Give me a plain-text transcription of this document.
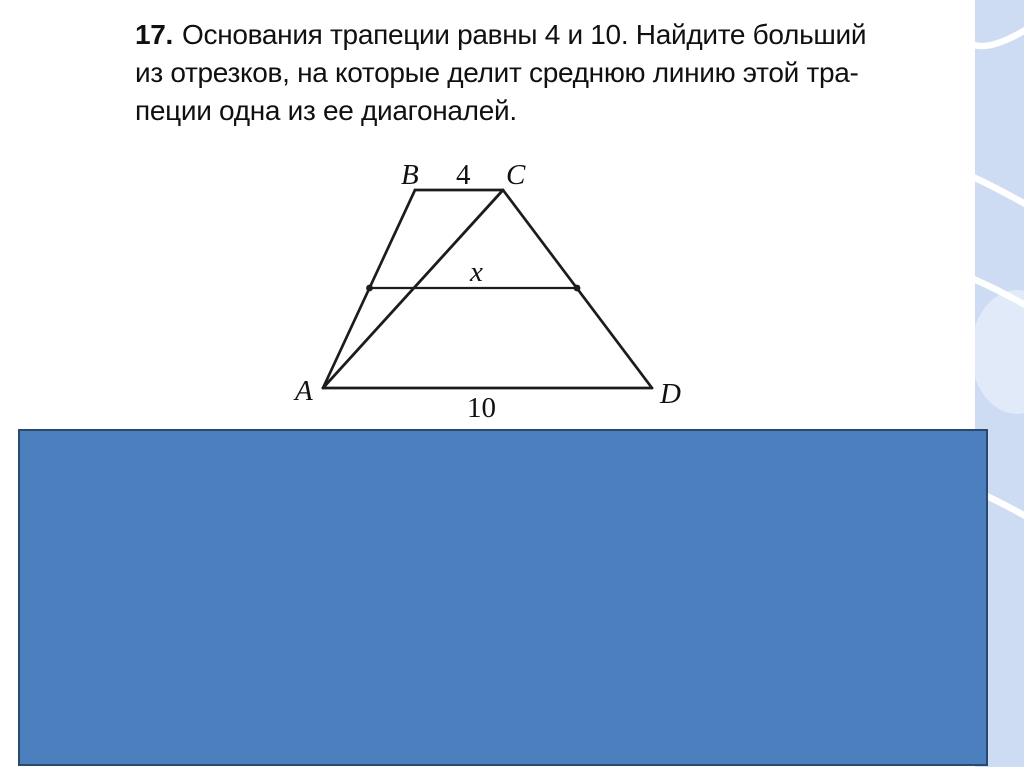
17. Основания трапеции равны 4 и 10. Найдите больший
из отрезков, на которые делит среднюю линию этой тра-
пеции одна из ее диагоналей.
B 4 C
x
A	D
10
